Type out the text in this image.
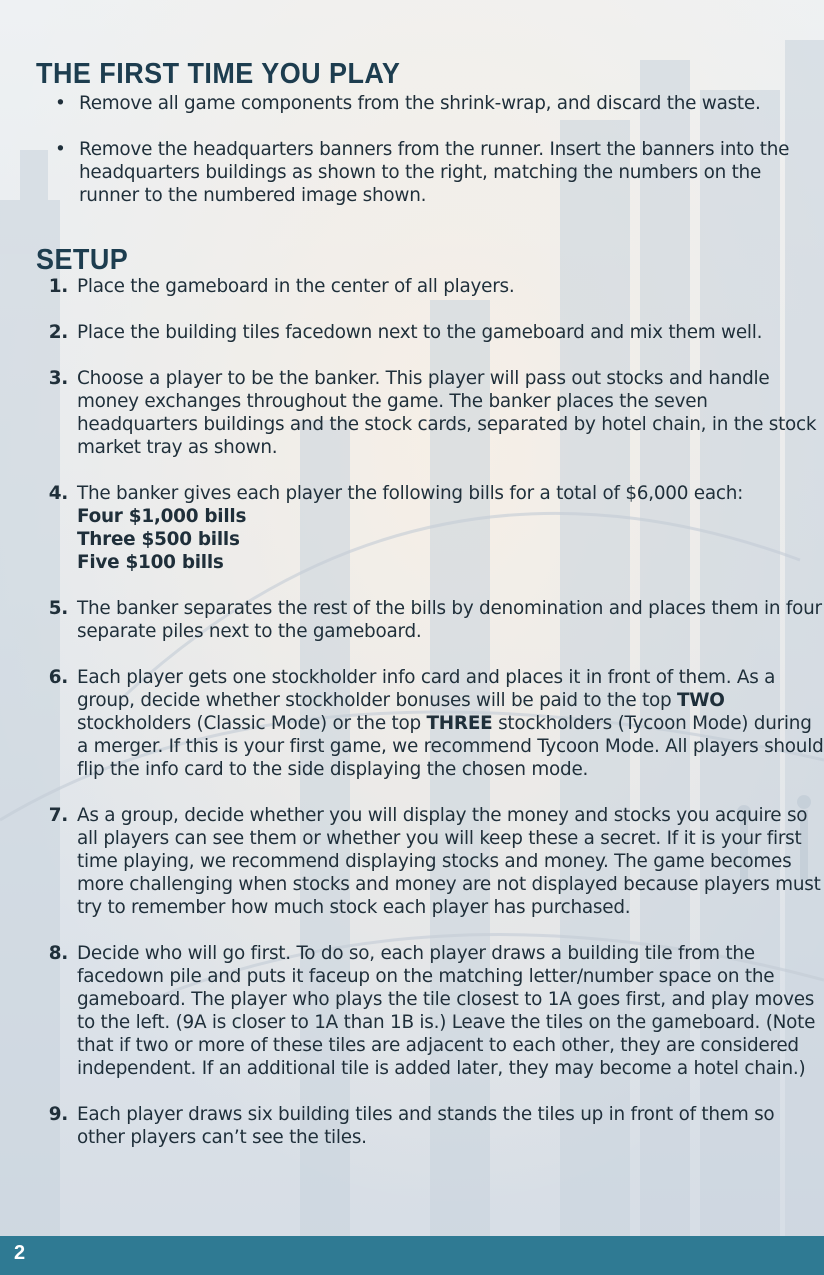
THE FIRST TIME YOU PLAY
• Remove all game components from the shrink-wrap, and discard the waste.
• Remove the headquarters banners from the runner. Insert the banners into the headquarters buildings as shown to the right, matching the numbers on the runner to the numbered image shown.
SETUP
1. Place the gameboard in the center of all players.
2. Place the building tiles facedown next to the gameboard and mix them well.
3. Choose a player to be the banker. This player will pass out stocks and handle money exchanges throughout the game. The banker places the seven headquarters buildings and the stock cards, separated by hotel chain, in the stock market tray as shown.
4. The banker gives each player the following bills for a total of $6,000 each:
Four $1,000 bills
Three $500 bills
Five $100 bills
5. The banker separates the rest of the bills by denomination and places them in four separate piles next to the gameboard.
6. Each player gets one stockholder info card and places it in front of them. As a group, decide whether stockholder bonuses will be paid to the top TWO stockholders (Classic Mode) or the top THREE stockholders (Tycoon Mode) during a merger. If this is your first game, we recommend Tycoon Mode. All players should flip the info card to the side displaying the chosen mode.
7. As a group, decide whether you will display the money and stocks you acquire so all players can see them or whether you will keep these a secret. If it is your first time playing, we recommend displaying stocks and money. The game becomes more challenging when stocks and money are not displayed because players must try to remember how much stock each player has purchased.
8. Decide who will go first. To do so, each player draws a building tile from the facedown pile and puts it faceup on the matching letter/number space on the gameboard. The player who plays the tile closest to 1A goes first, and play moves to the left. (9A is closer to 1A than 1B is.) Leave the tiles on the gameboard. (Note that if two or more of these tiles are adjacent to each other, they are considered independent. If an additional tile is added later, they may become a hotel chain.)
9. Each player draws six building tiles and stands the tiles up in front of them so other players can’t see the tiles.
2
